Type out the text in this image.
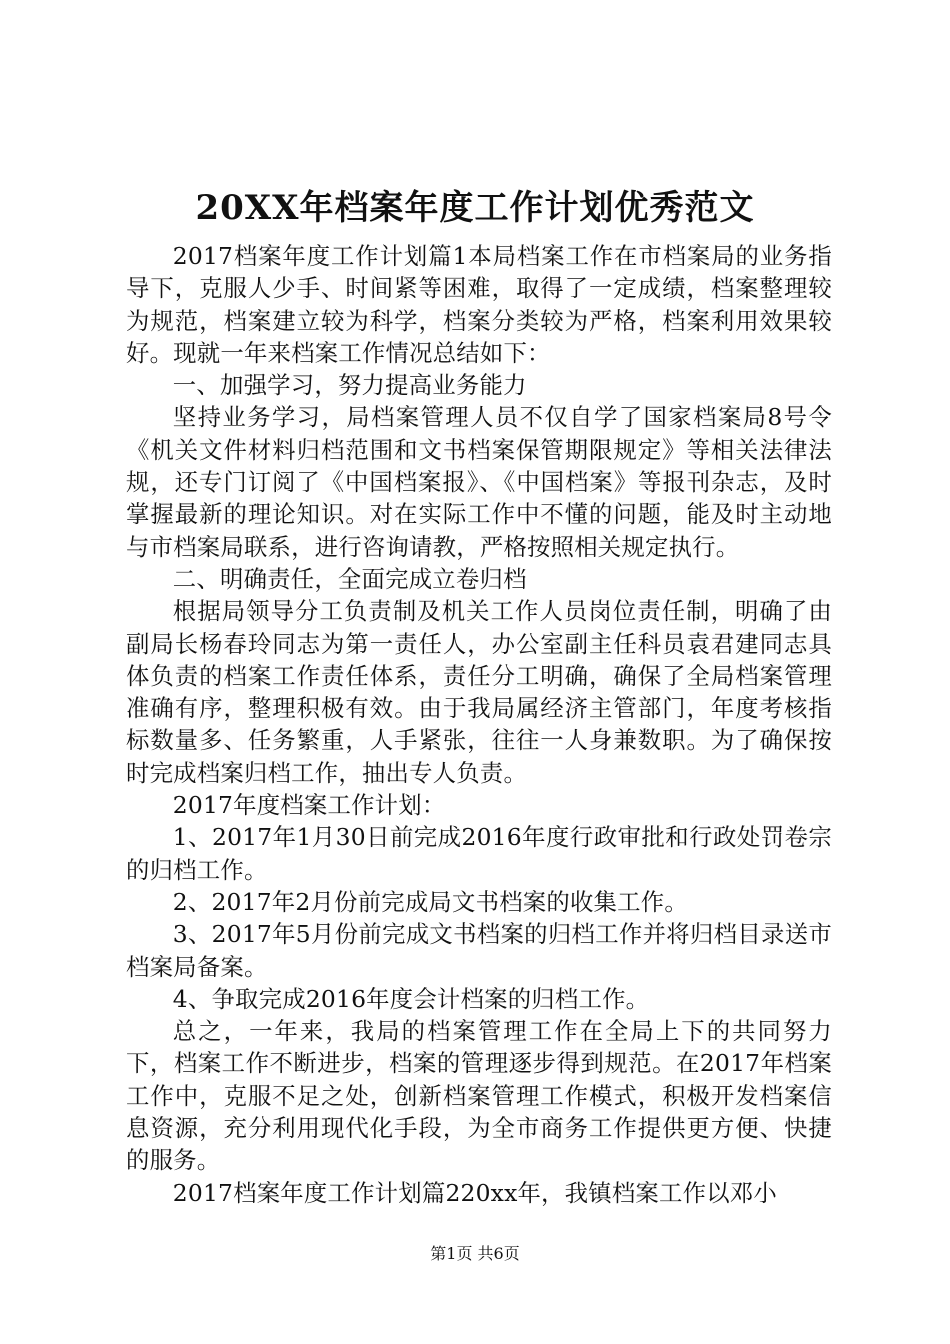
20XX年档案年度工作计划优秀范文

2017档案年度工作计划篇1本局档案工作在市档案局的业务指导下，克服人少手、时间紧等困难，取得了一定成绩，档案整理较为规范，档案建立较为科学，档案分类较为严格，档案利用效果较好。现就一年来档案工作情况总结如下：

一、加强学习，努力提高业务能力

坚持业务学习，局档案管理人员不仅自学了国家档案局8号令《机关文件材料归档范围和文书档案保管期限规定》等相关法律法规，还专门订阅了《中国档案报》、《中国档案》等报刊杂志，及时掌握最新的理论知识。对在实际工作中不懂的问题，能及时主动地与市档案局联系，进行咨询请教，严格按照相关规定执行。

二、明确责任，全面完成立卷归档

根据局领导分工负责制及机关工作人员岗位责任制，明确了由副局长杨春玲同志为第一责任人，办公室副主任科员袁君建同志具体负责的档案工作责任体系，责任分工明确，确保了全局档案管理准确有序，整理积极有效。由于我局属经济主管部门，年度考核指标数量多、任务繁重，人手紧张，往往一人身兼数职。为了确保按时完成档案归档工作，抽出专人负责。

2017年度档案工作计划：

1、2017年1月30日前完成2016年度行政审批和行政处罚卷宗的归档工作。

2、2017年2月份前完成局文书档案的收集工作。

3、2017年5月份前完成文书档案的归档工作并将归档目录送市档案局备案。

4、争取完成2016年度会计档案的归档工作。

总之，一年来，我局的档案管理工作在全局上下的共同努力下，档案工作不断进步，档案的管理逐步得到规范。在2017年档案工作中，克服不足之处，创新档案管理工作模式，积极开发档案信息资源，充分利用现代化手段，为全市商务工作提供更方便、快捷的服务。

2017档案年度工作计划篇220xx年，我镇档案工作以邓小

第1页 共6页
